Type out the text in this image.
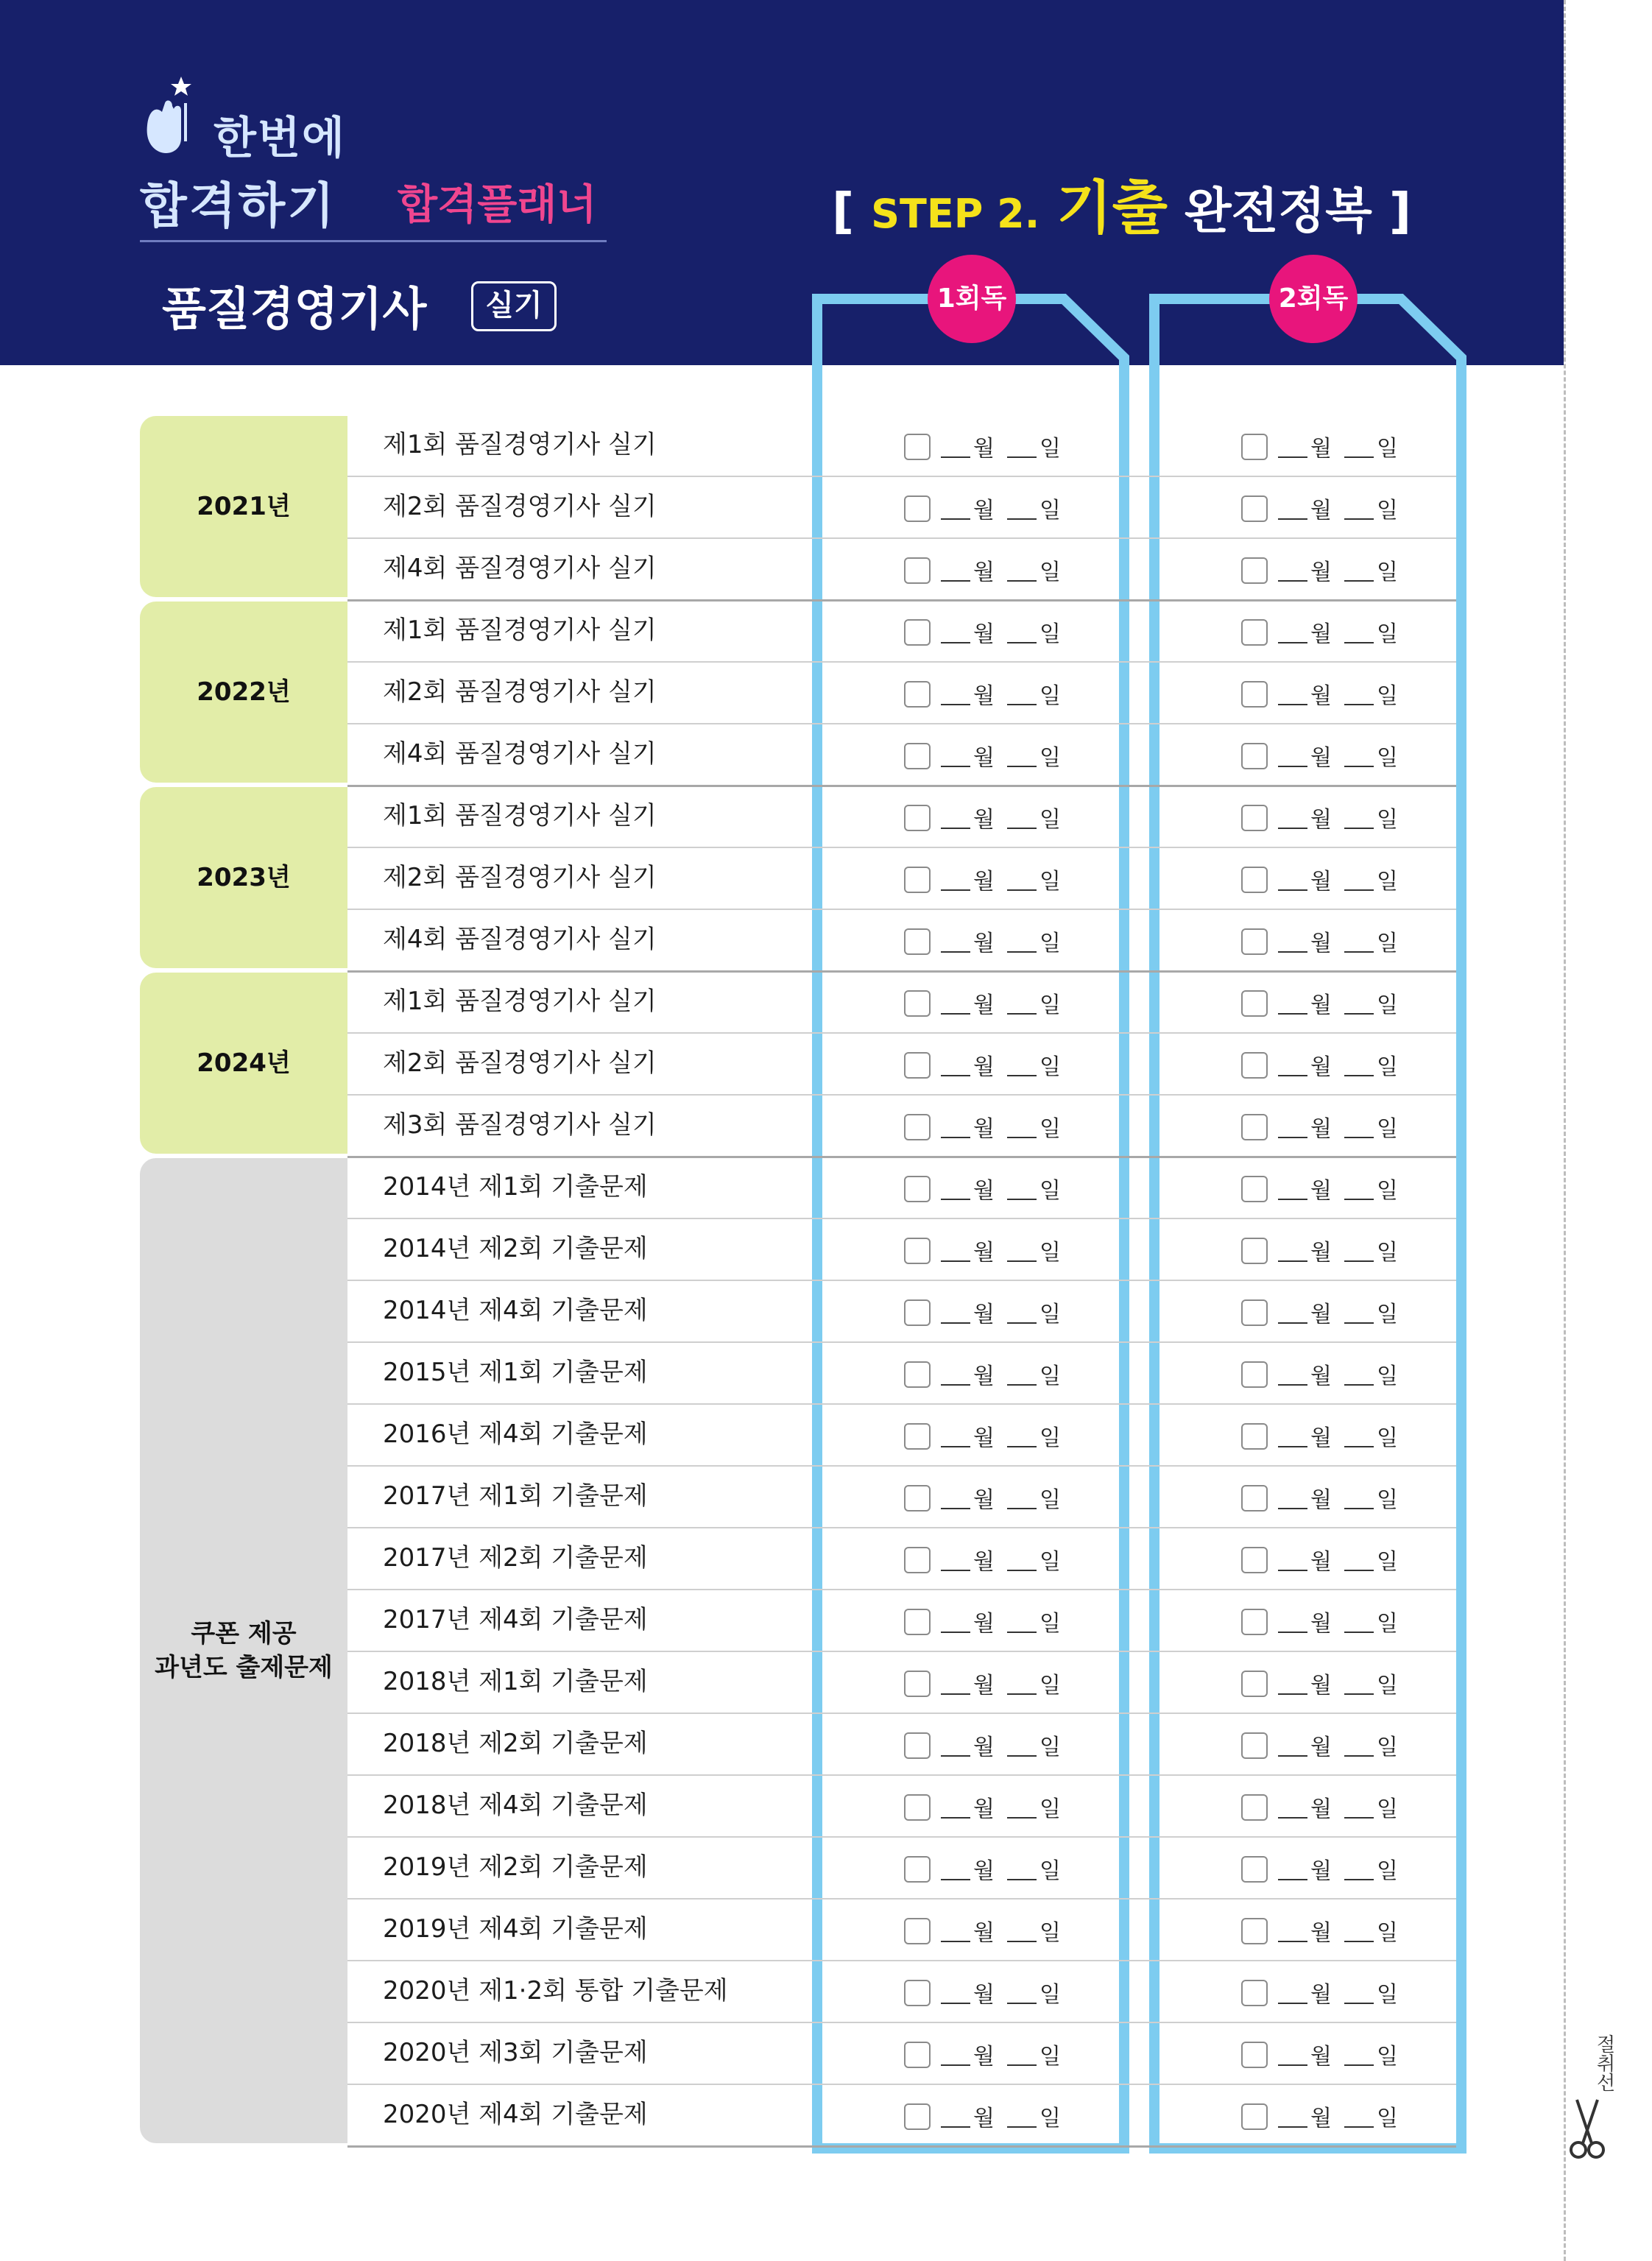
한번에
합격하기 합격플래너
품질경영기사	실기
[ STEP 2. 기출 완전정복 ]
1회독	2회독
2021년
제1회 품질경영기사 실기	월 일	월 일
제2회 품질경영기사 실기	월 일	월 일
제4회 품질경영기사 실기	월 일	월 일
2022년
제1회 품질경영기사 실기	월 일	월 일
제2회 품질경영기사 실기	월 일	월 일
제4회 품질경영기사 실기	월 일	월 일
2023년
제1회 품질경영기사 실기	월 일	월 일
제2회 품질경영기사 실기	월 일	월 일
제4회 품질경영기사 실기	월 일	월 일
2024년
제1회 품질경영기사 실기	월 일	월 일
제2회 품질경영기사 실기	월 일	월 일
제3회 품질경영기사 실기	월 일	월 일
쿠폰 제공
과년도 출제문제
2014년 제1회 기출문제	월 일	월 일
2014년 제2회 기출문제	월 일	월 일
2014년 제4회 기출문제	월 일	월 일
2015년 제1회 기출문제	월 일	월 일
2016년 제4회 기출문제	월 일	월 일
2017년 제1회 기출문제	월 일	월 일
2017년 제2회 기출문제	월 일	월 일
2017년 제4회 기출문제	월 일	월 일
2018년 제1회 기출문제	월 일	월 일
2018년 제2회 기출문제	월 일	월 일
2018년 제4회 기출문제	월 일	월 일
2019년 제2회 기출문제	월 일	월 일
2019년 제4회 기출문제	월 일	월 일
2020년 제1·2회 통합 기출문제	월 일	월 일
2020년 제3회 기출문제	월 일	월 일
2020년 제4회 기출문제	월 일	월 일
절취선
